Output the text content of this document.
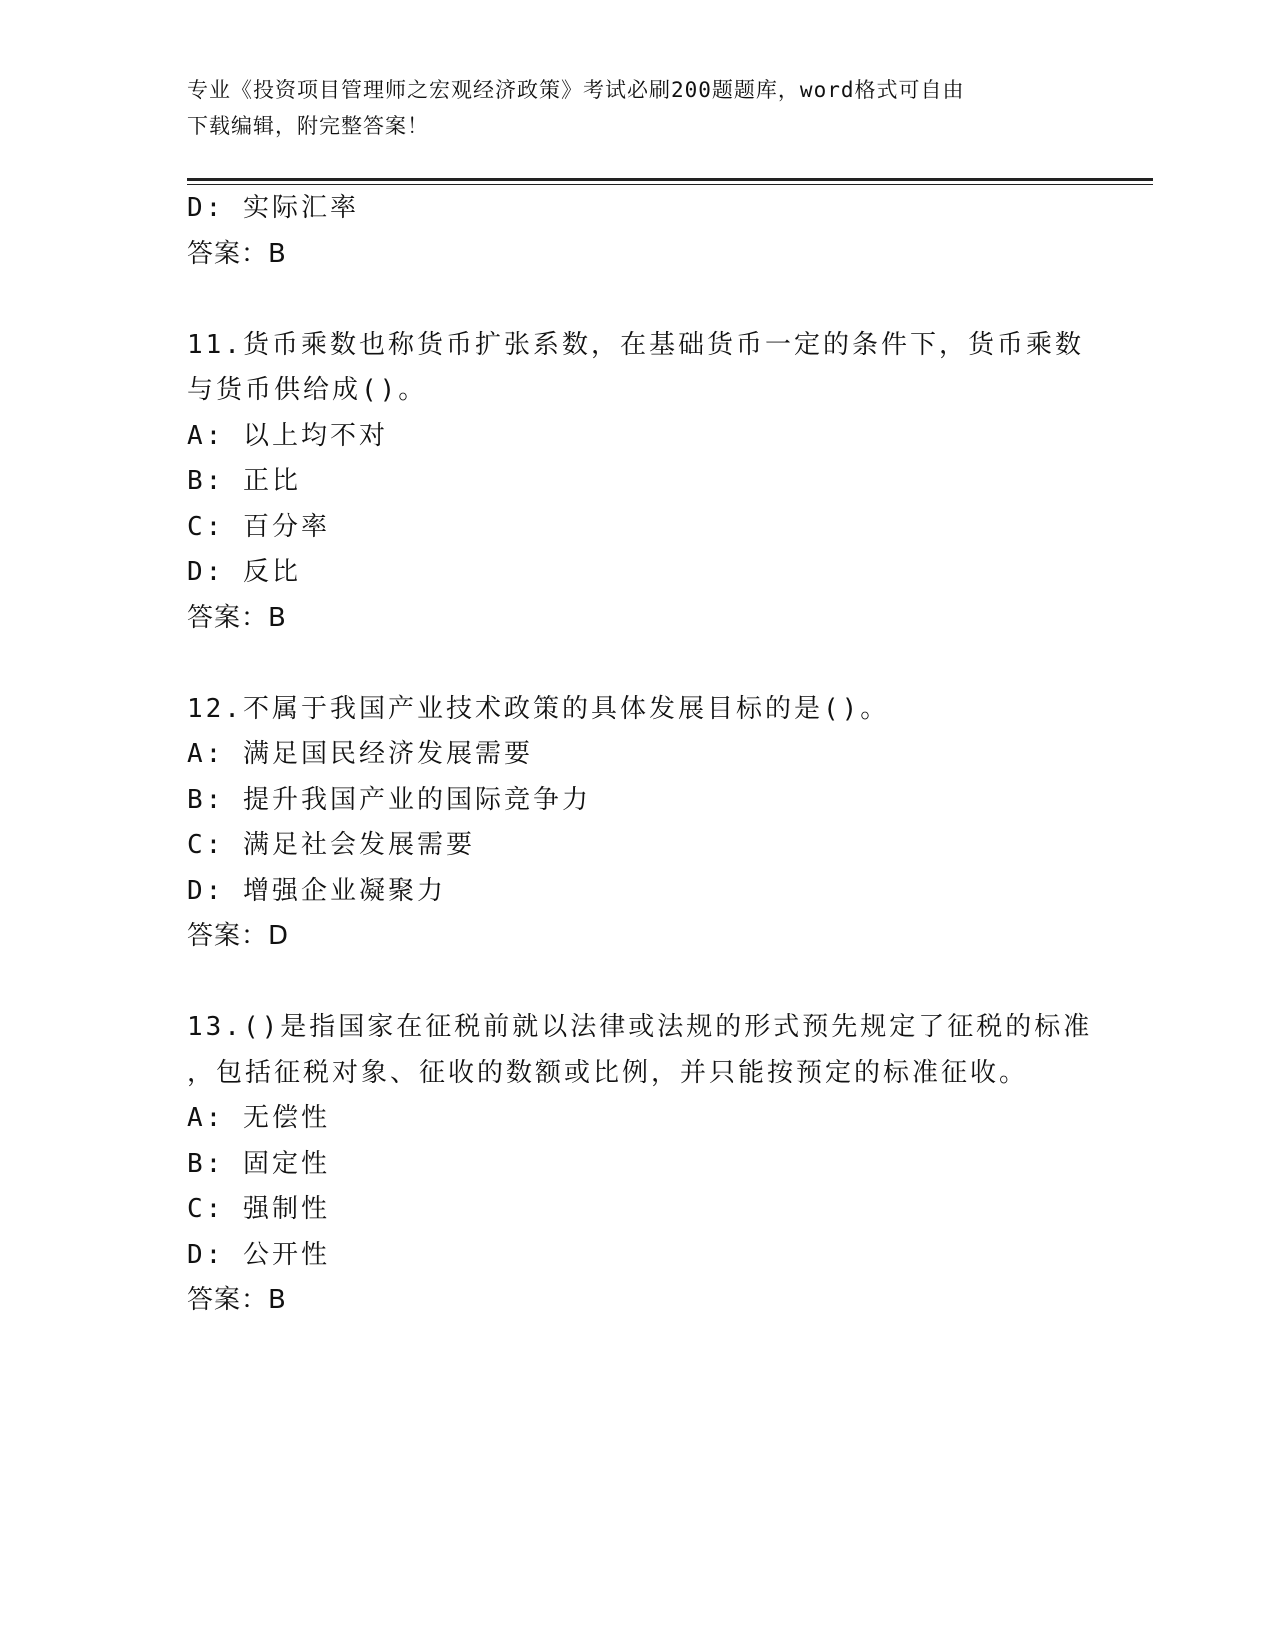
专业《投资项目管理师之宏观经济政策》考试必刷200题题库，word格式可自由
下载编辑，附完整答案！
D: 实际汇率
答案：B
11.货币乘数也称货币扩张系数，在基础货币一定的条件下，货币乘数
与货币供给成()。
A: 以上均不对
B: 正比
C: 百分率
D: 反比
答案：B
12.不属于我国产业技术政策的具体发展目标的是()。
A: 满足国民经济发展需要
B: 提升我国产业的国际竞争力
C: 满足社会发展需要
D: 增强企业凝聚力
答案：D
13.()是指国家在征税前就以法律或法规的形式预先规定了征税的标准
，包括征税对象、征收的数额或比例，并只能按预定的标准征收。
A: 无偿性
B: 固定性
C: 强制性
D: 公开性
答案：B
